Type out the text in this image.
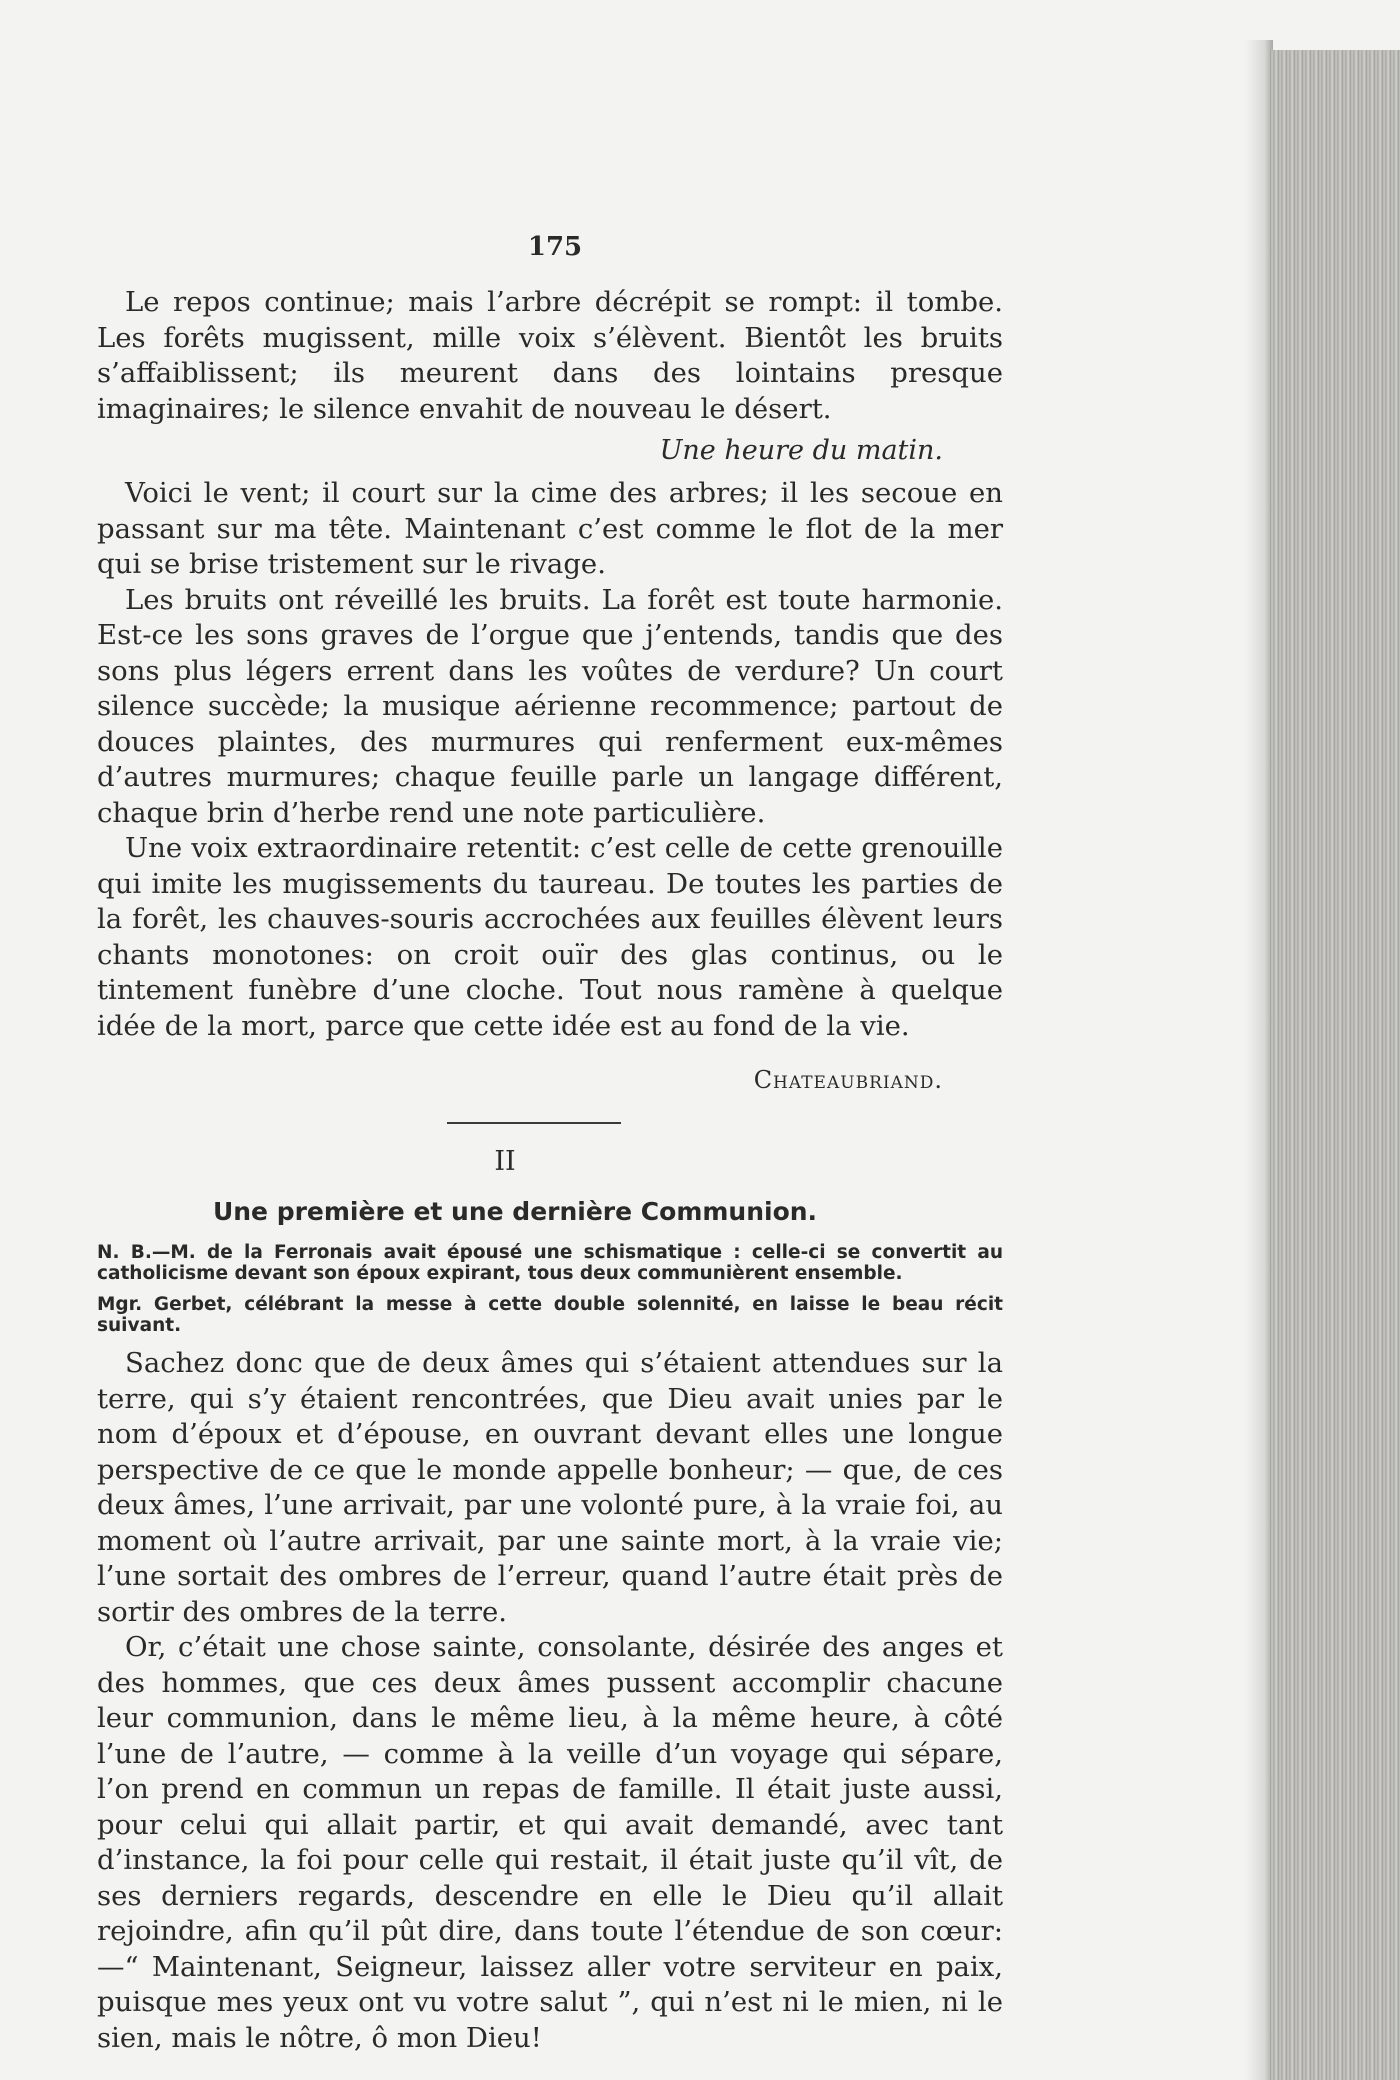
175

Le repos continue; mais l’arbre décrépit se rompt: il tombe. Les forêts mugissent, mille voix s’élèvent. Bientôt les bruits s’affaiblissent; ils meurent dans des lointains presque imaginaires; le silence envahit de nouveau le désert.

Une heure du matin.

Voici le vent; il court sur la cime des arbres; il les secoue en passant sur ma tête. Maintenant c’est comme le flot de la mer qui se brise tristement sur le rivage.

Les bruits ont réveillé les bruits. La forêt est toute harmonie. Est-ce les sons graves de l’orgue que j’entends, tandis que des sons plus légers errent dans les voûtes de verdure? Un court silence succède; la musique aérienne recommence; partout de douces plaintes, des murmures qui renferment eux-mêmes d’autres murmures; chaque feuille parle un langage différent, chaque brin d’herbe rend une note particulière.

Une voix extraordinaire retentit: c’est celle de cette grenouille qui imite les mugissements du taureau. De toutes les parties de la forêt, les chauves-souris accrochées aux feuilles élèvent leurs chants monotones: on croit ouïr des glas continus, ou le tintement funèbre d’une cloche. Tout nous ramène à quelque idée de la mort, parce que cette idée est au fond de la vie.

Chateaubriand.
II
Une première et une dernière Communion.

N. B.—M. de la Ferronais avait épousé une schismatique : celle-ci se convertit au catholicisme devant son époux expirant, tous deux communièrent ensemble.

Mgr. Gerbet, célébrant la messe à cette double solennité, en laisse le beau récit suivant.

Sachez donc que de deux âmes qui s’étaient attendues sur la terre, qui s’y étaient rencontrées, que Dieu avait unies par le nom d’époux et d’épouse, en ouvrant devant elles une longue perspective de ce que le monde appelle bonheur; — que, de ces deux âmes, l’une arrivait, par une volonté pure, à la vraie foi, au moment où l’autre arrivait, par une sainte mort, à la vraie vie; l’une sortait des ombres de l’erreur, quand l’autre était près de sortir des ombres de la terre.

Or, c’était une chose sainte, consolante, désirée des anges et des hommes, que ces deux âmes pussent accomplir chacune leur communion, dans le même lieu, à la même heure, à côté l’une de l’autre, — comme à la veille d’un voyage qui sépare, l’on prend en commun un repas de famille. Il était juste aussi, pour celui qui allait partir, et qui avait demandé, avec tant d’instance, la foi pour celle qui restait, il était juste qu’il vît, de ses derniers regards, descendre en elle le Dieu qu’il allait rejoindre, afin qu’il pût dire, dans toute l’étendue de son cœur: —“ Maintenant, Seigneur, laissez aller votre serviteur en paix, puisque mes yeux ont vu votre salut ”, qui n’est ni le mien, ni le sien, mais le nôtre, ô mon Dieu!
